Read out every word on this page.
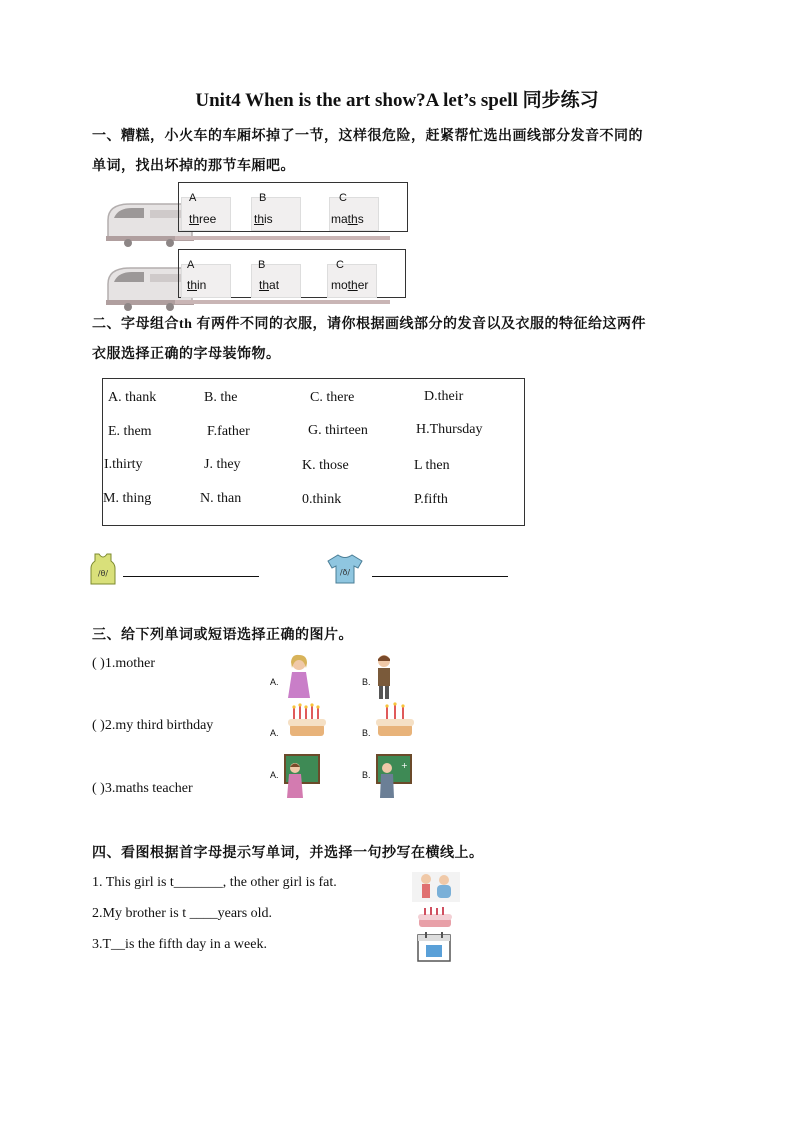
Unit4 When is the art show?A let’s spell 同步练习
一、糟糕，小火车的车厢坏掉了一节，这样很危险，赶紧帮忙选出画线部分发音不同的
单词，找出坏掉的那节车厢吧。
A	B	C
three	this	maths
A	B	C
thin	that	mother
二、字母组合th 有两件不同的衣服，请你根据画线部分的发音以及衣服的特征给这两件
衣服选择正确的字母装饰物。
A. thank	B. the	C. there	D.their
E. them	F.father	G. thirteen	H.Thursday
I.thirty	J. they	K. those	L then
M. thing	N. than	0.think	P.fifth
/θ/	/ð/
三、给下列单词或短语选择正确的图片。
( )1.mother
( )2.my third birthday
( )3.maths teacher
A.	B.
A.	B.
A.	B.
+
四、看图根据首字母提示写单词，并选择一句抄写在横线上。
1. This girl is t_______, the other girl is fat.
2.My brother is t ____years old.
3.T__is the fifth day in a week.
